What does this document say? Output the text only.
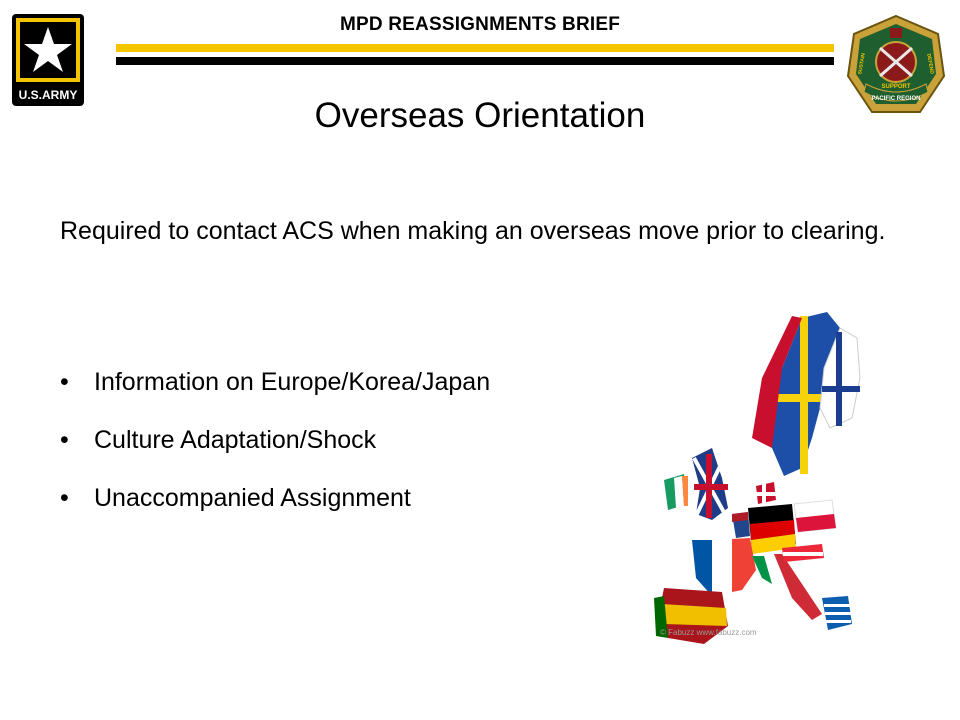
U.S.ARMY
MPD REASSIGNMENTS BRIEF
SUPPORT
SUSTAIN	DEFEND
PACIFIC REGION
Overseas Orientation
Required to contact ACS when making an overseas move prior to clearing.
• Information on Europe/Korea/Japan
• Culture Adaptation/Shock
• Unaccompanied Assignment
© Fabuzz www.fabuzz.com
